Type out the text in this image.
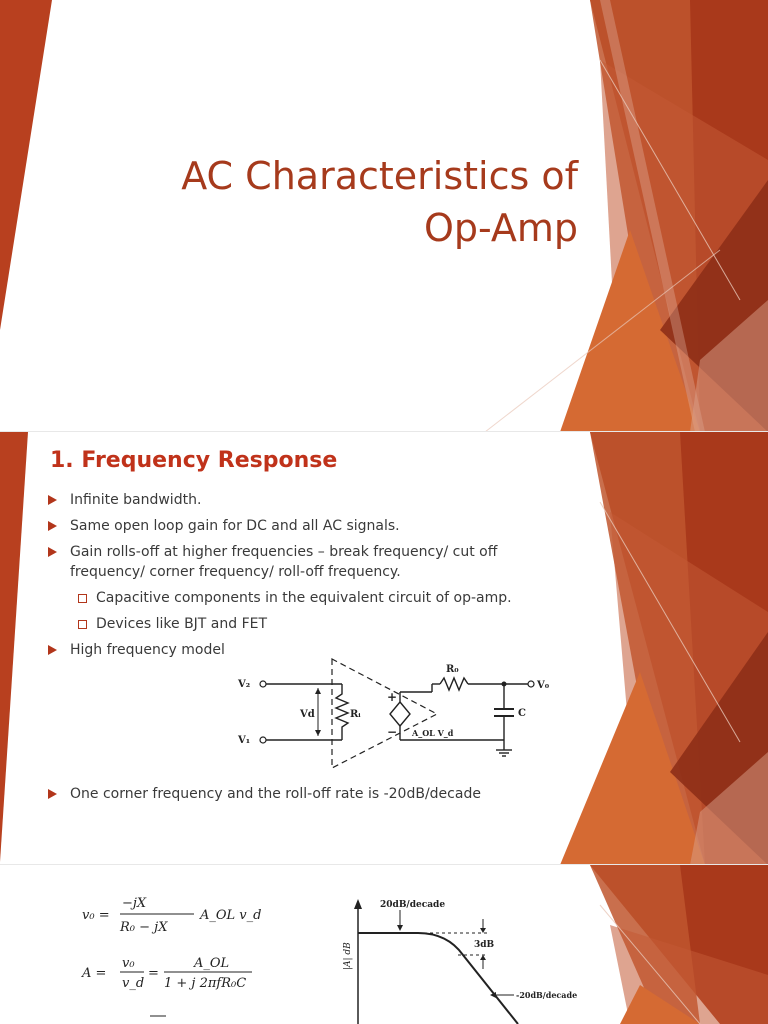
AC Characteristics of
Op-Amp
1. Frequency Response
Infinite bandwidth.
Same open loop gain for DC and all AC signals.
Gain rolls-off at higher frequencies – break frequency/ cut off frequency/ corner frequency/ roll-off frequency.
Capacitive components in the equivalent circuit of op-amp.
Devices like BJT and FET
High frequency model
V₂
V₁
Vd	Rᵢ
+
− A_OL V_d
R₀
V₀
C
One corner frequency and the roll-off rate is -20dB/decade
v₀ =
−jX
R₀ − jX
A_OL v_d
A =
v₀
v_d
=
A_OL
1 + j 2πfR₀C
|A| dB
20dB/decade
3dB
-20dB/decade
